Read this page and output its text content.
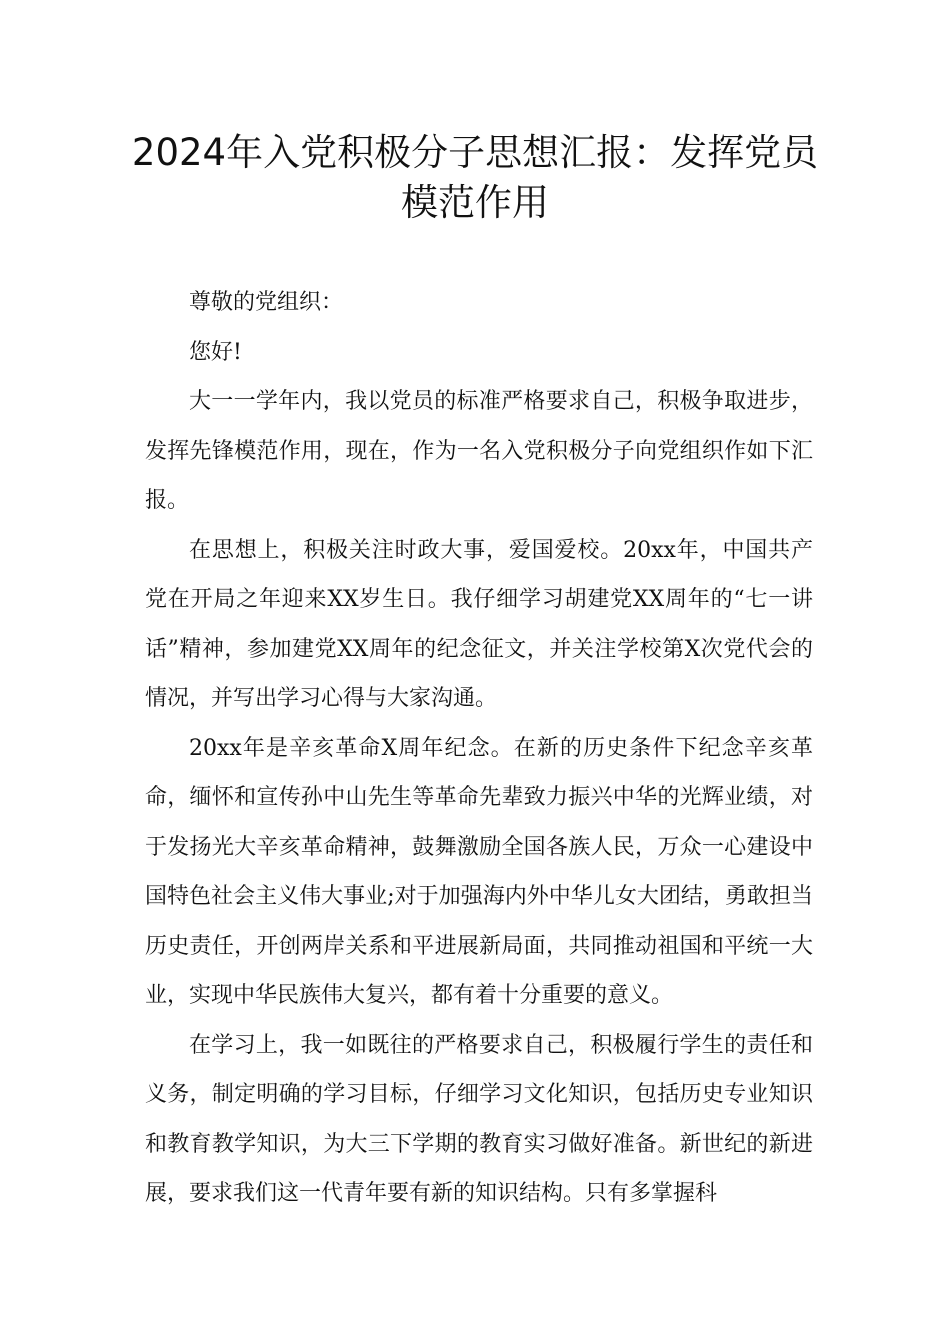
2024年入党积极分子思想汇报：发挥党员模范作用

尊敬的党组织：

您好!

大一一学年内，我以党员的标准严格要求自己，积极争取进步，发挥先锋模范作用，现在，作为一名入党积极分子向党组织作如下汇报。

在思想上，积极关注时政大事，爱国爱校。20xx年，中国共产党在开局之年迎来XX岁生日。我仔细学习胡建党XX周年的“七一讲话”精神，参加建党XX周年的纪念征文，并关注学校第X次党代会的情况，并写出学习心得与大家沟通。

20xx年是辛亥革命X周年纪念。在新的历史条件下纪念辛亥革命，缅怀和宣传孙中山先生等革命先辈致力振兴中华的光辉业绩，对于发扬光大辛亥革命精神，鼓舞激励全国各族人民，万众一心建设中国特色社会主义伟大事业;对于加强海内外中华儿女大团结，勇敢担当历史责任，开创两岸关系和平进展新局面，共同推动祖国和平统一大业，实现中华民族伟大复兴，都有着十分重要的意义。

在学习上，我一如既往的严格要求自己，积极履行学生的责任和义务，制定明确的学习目标，仔细学习文化知识，包括历史专业知识和教育教学知识，为大三下学期的教育实习做好准备。新世纪的新进展，要求我们这一代青年要有新的知识结构。只有多掌握科
